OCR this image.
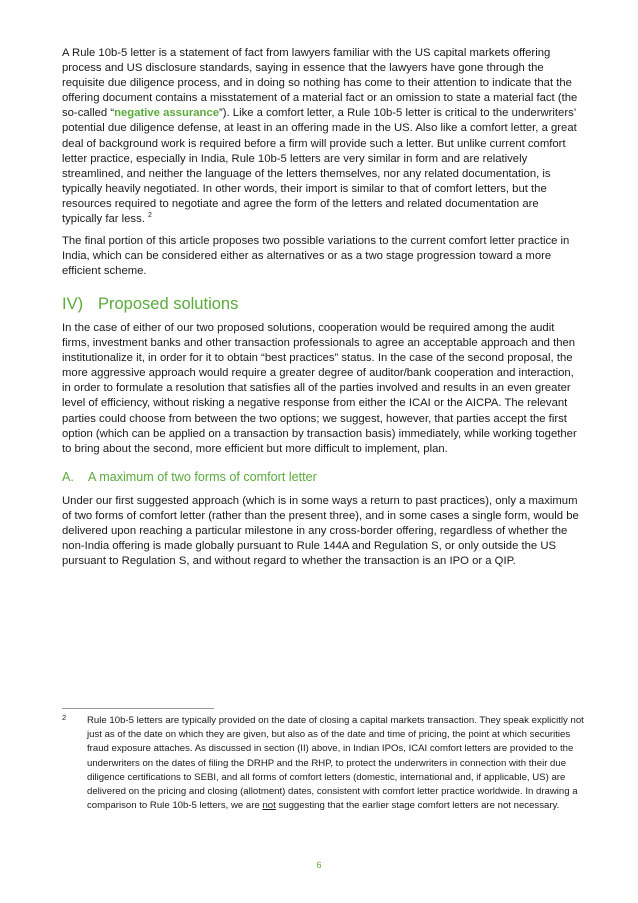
A Rule 10b-5 letter is a statement of fact from lawyers familiar with the US capital markets offering process and US disclosure standards, saying in essence that the lawyers have gone through the requisite due diligence process, and in doing so nothing has come to their attention to indicate that the offering document contains a misstatement of a material fact or an omission to state a material fact (the so-called “negative assurance”). Like a comfort letter, a Rule 10b-5 letter is critical to the underwriters’ potential due diligence defense, at least in an offering made in the US. Also like a comfort letter, a great deal of background work is required before a firm will provide such a letter. But unlike current comfort letter practice, especially in India, Rule 10b-5 letters are very similar in form and are relatively streamlined, and neither the language of the letters themselves, nor any related documentation, is typically heavily negotiated. In other words, their import is similar to that of comfort letters, but the resources required to negotiate and agree the form of the letters and related documentation are typically far less. $^2$

The final portion of this article proposes two possible variations to the current comfort letter practice in India, which can be considered either as alternatives or as a two stage progression toward a more efficient scheme.

IV) Proposed solutions

In the case of either of our two proposed solutions, cooperation would be required among the audit firms, investment banks and other transaction professionals to agree an acceptable approach and then institutionalize it, in order for it to obtain “best practices” status. In the case of the second proposal, the more aggressive approach would require a greater degree of auditor/bank cooperation and interaction, in order to formulate a resolution that satisfies all of the parties involved and results in an even greater level of efficiency, without risking a negative response from either the ICAI or the AICPA. The relevant parties could choose from between the two options; we suggest, however, that parties accept the first option (which can be applied on a transaction by transaction basis) immediately, while working together to bring about the second, more efficient but more difficult to implement, plan.

A. A maximum of two forms of comfort letter

Under our first suggested approach (which is in some ways a return to past practices), only a maximum of two forms of comfort letter (rather than the present three), and in some cases a single form, would be delivered upon reaching a particular milestone in any cross-border offering, regardless of whether the non-India offering is made globally pursuant to Rule 144A and Regulation S, or only outside the US pursuant to Regulation S, and without regard to whether the transaction is an IPO or a QIP.

2 Rule 10b-5 letters are typically provided on the date of closing a capital markets transaction. They speak explicitly not just as of the date on which they are given, but also as of the date and time of pricing, the point at which securities fraud exposure attaches. As discussed in section (II) above, in Indian IPOs, ICAI comfort letters are provided to the underwriters on the dates of filing the DRHP and the RHP, to protect the underwriters in connection with their due diligence certifications to SEBI, and all forms of comfort letters (domestic, international and, if applicable, US) are delivered on the pricing and closing (allotment) dates, consistent with comfort letter practice worldwide. In drawing a comparison to Rule 10b-5 letters, we are not suggesting that the earlier stage comfort letters are not necessary.
6
